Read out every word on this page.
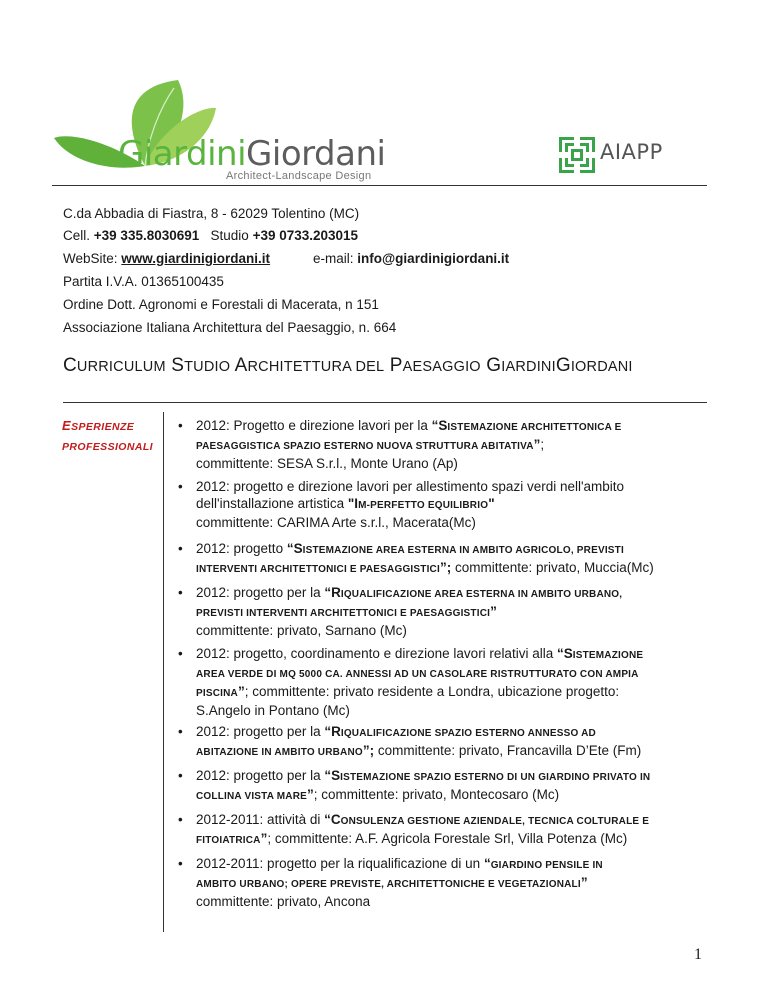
GiardiniGiordani
Architect-Landscape Design
AIAPP
C.da Abbadia di Fiastra, 8 - 62029 Tolentino (MC)
Cell. +39 335.8030691 Studio +39 0733.203015
WebSite: www.giardinigiordani.it	e-mail: info@giardinigiordani.it
Partita I.V.A. 01365100435
Ordine Dott. Agronomi e Forestali di Macerata, n 151
Associazione Italiana Architettura del Paesaggio, n. 664
CURRICULUM STUDIO ARCHITETTURA DEL PAESAGGIO GIARDINIGIORDANI
ESPERIENZE
PROFESSIONALI
• 2012: Progetto e direzione lavori per la “SISTEMAZIONE ARCHITETTONICA E
PAESAGGISTICA SPAZIO ESTERNO NUOVA STRUTTURA ABITATIVA”;
committente: SESA S.r.l., Monte Urano (Ap)
• 2012: progetto e direzione lavori per allestimento spazi verdi nell'ambito
dell'installazione artistica "IM-PERFETTO EQUILIBRIO"
committente: CARIMA Arte s.r.l., Macerata(Mc)
• 2012: progetto “SISTEMAZIONE AREA ESTERNA IN AMBITO AGRICOLO, PREVISTI
INTERVENTI ARCHITETTONICI E PAESAGGISTICI”; committente: privato, Muccia(Mc)
• 2012: progetto per la “RIQUALIFICAZIONE AREA ESTERNA IN AMBITO URBANO,
PREVISTI INTERVENTI ARCHITETTONICI E PAESAGGISTICI”
committente: privato, Sarnano (Mc)
• 2012: progetto, coordinamento e direzione lavori relativi alla “SISTEMAZIONE
AREA VERDE DI MQ 5000 CA. ANNESSI AD UN CASOLARE RISTRUTTURATO CON AMPIA
PISCINA”; committente: privato residente a Londra, ubicazione progetto:
S.Angelo in Pontano (Mc)
• 2012: progetto per la “RIQUALIFICAZIONE SPAZIO ESTERNO ANNESSO AD
ABITAZIONE IN AMBITO URBANO”; committente: privato, Francavilla D’Ete (Fm)
• 2012: progetto per la “SISTEMAZIONE SPAZIO ESTERNO DI UN GIARDINO PRIVATO IN
COLLINA VISTA MARE”; committente: privato, Montecosaro (Mc)
• 2012-2011: attività di “CONSULENZA GESTIONE AZIENDALE, TECNICA COLTURALE E
FITOIATRICA”; committente: A.F. Agricola Forestale Srl, Villa Potenza (Mc)
• 2012-2011: progetto per la riqualificazione di un “GIARDINO PENSILE IN
AMBITO URBANO; OPERE PREVISTE, ARCHITETTONICHE E VEGETAZIONALI”
committente: privato, Ancona
1
